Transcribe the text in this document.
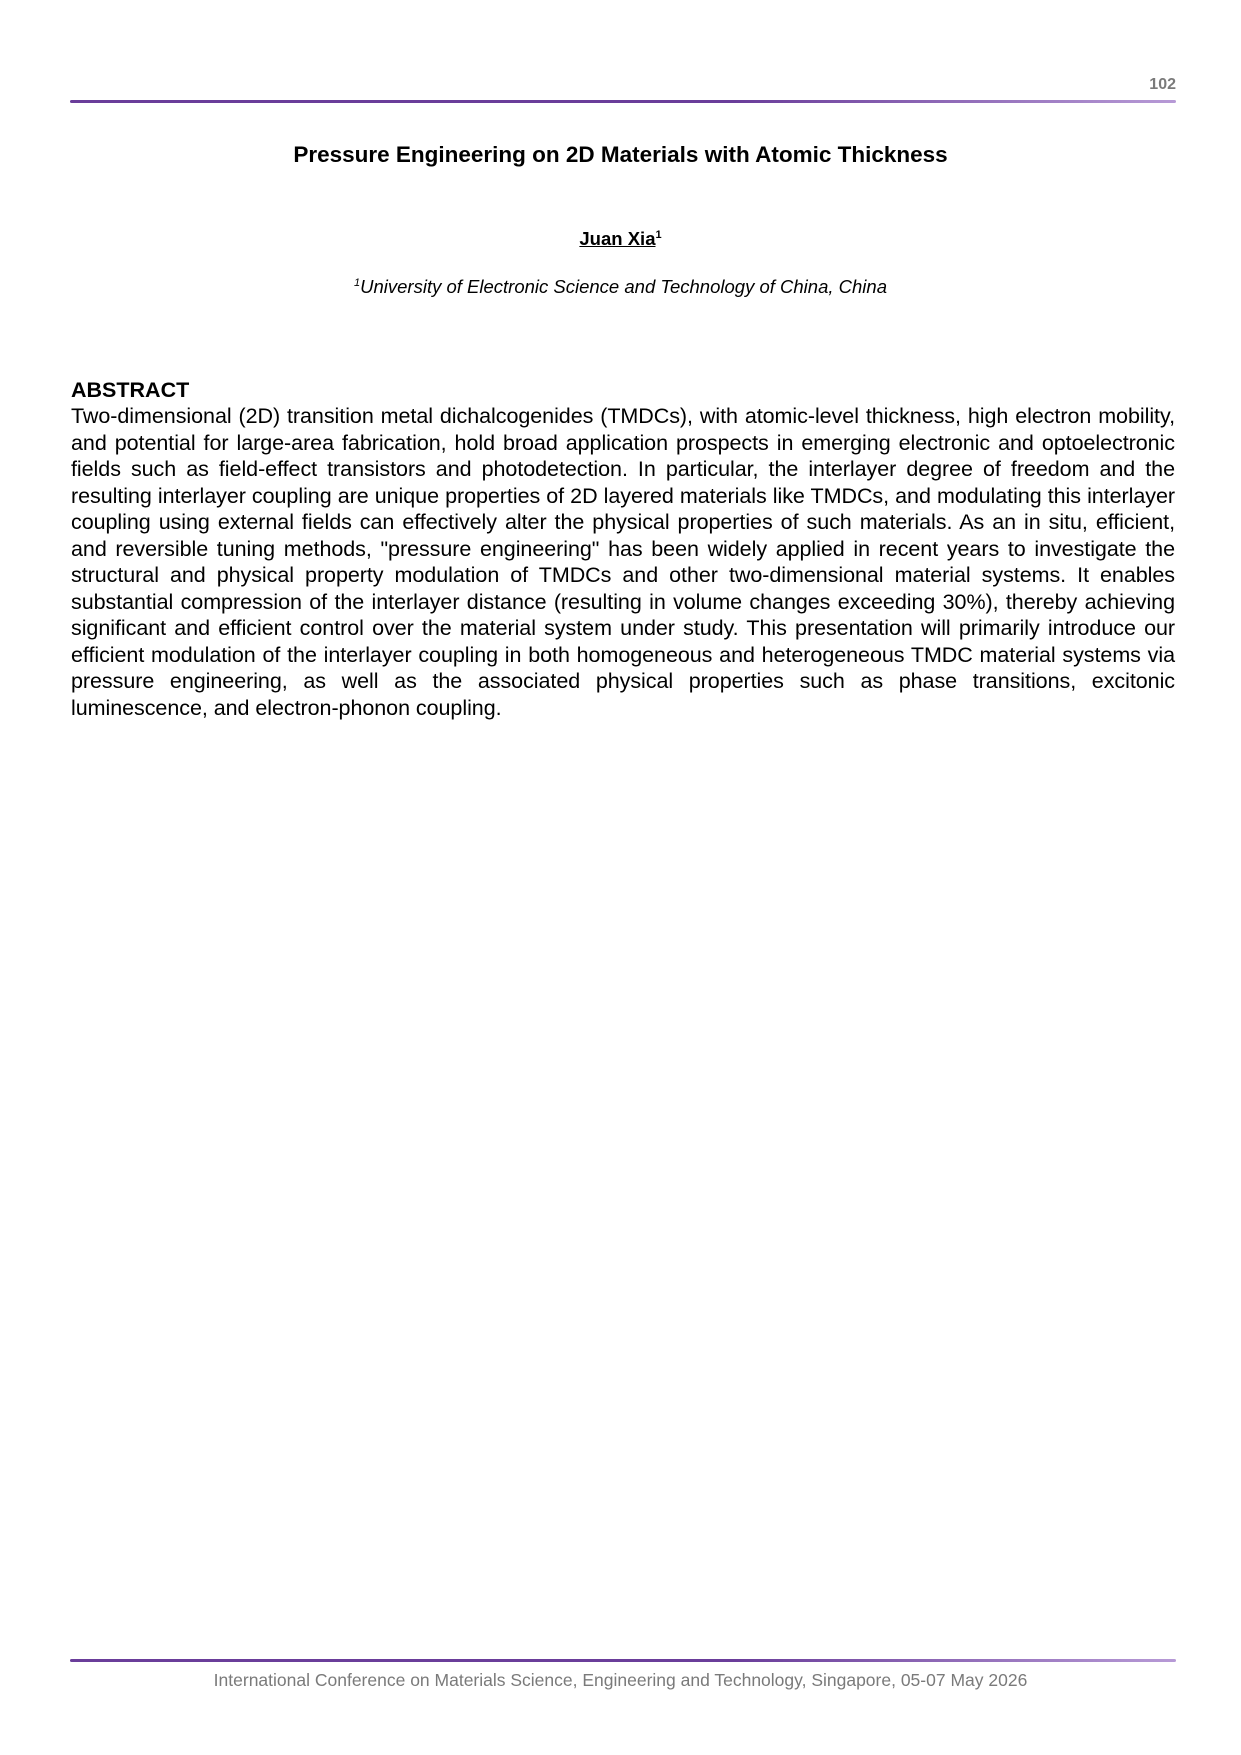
102
Pressure Engineering on 2D Materials with Atomic Thickness
Juan Xia$^1$
$^1$University of Electronic Science and Technology of China, China
ABSTRACT
Two-dimensional (2D) transition metal dichalcogenides (TMDCs), with atomic-level thickness, high electron mobility, and potential for large-area fabrication, hold broad application prospects in emerging electronic and optoelectronic fields such as field-effect transistors and photodetection. In particular, the interlayer degree of freedom and the resulting interlayer coupling are unique properties of 2D layered materials like TMDCs, and modulating this interlayer coupling using external fields can effectively alter the physical properties of such materials. As an in situ, efficient, and reversible tuning methods, "pressure engineering" has been widely applied in recent years to investigate the structural and physical property modulation of TMDCs and other two-dimensional material systems. It enables substantial compression of the interlayer distance (resulting in volume changes exceeding 30%), thereby achieving significant and efficient control over the material system under study. This presentation will primarily introduce our efficient modulation of the interlayer coupling in both homogeneous and heterogeneous TMDC material systems via pressure engineering, as well as the associated physical properties such as phase transitions, excitonic luminescence, and electron-phonon coupling.
International Conference on Materials Science, Engineering and Technology, Singapore, 05-07 May 2026
